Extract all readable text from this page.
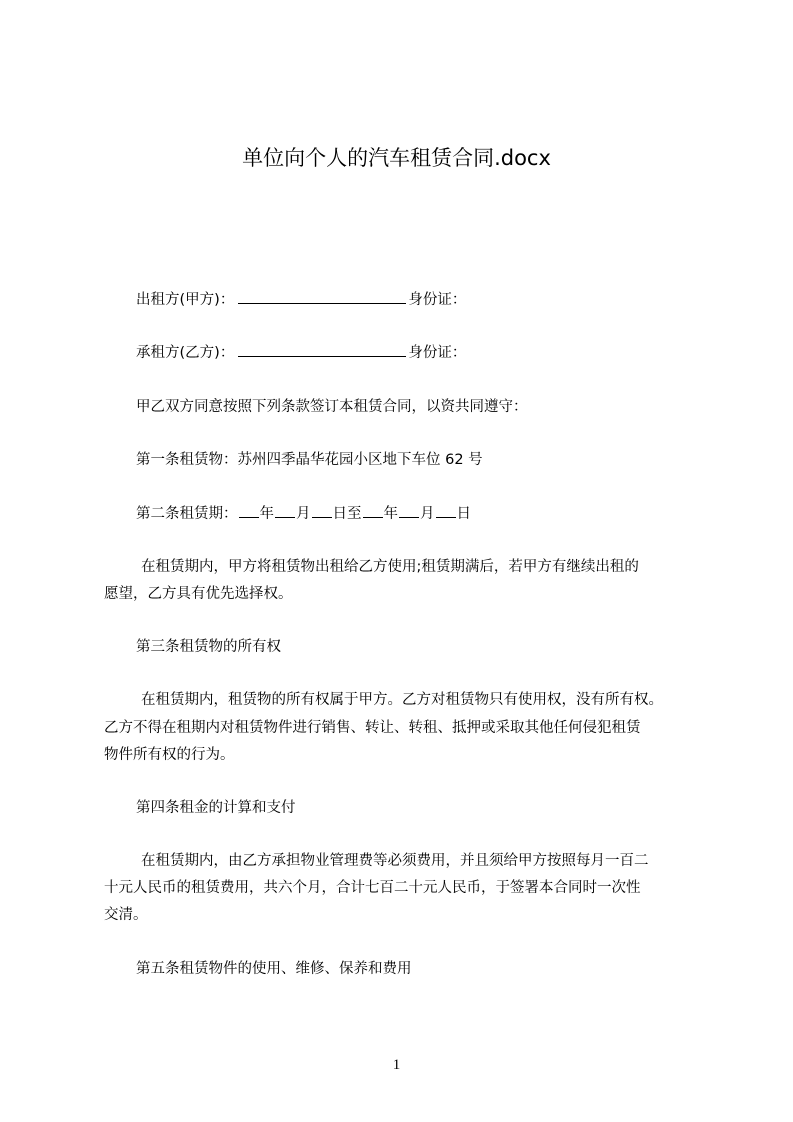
单位向个人的汽车租赁合同.docx
出租方(甲方)：	身份证：
承租方(乙方)：	身份证：
甲乙双方同意按照下列条款签订本租赁合同，以资共同遵守：
第一条租赁物：苏州四季晶华花园小区地下车位 62 号
第二条租赁期： 年 月 日至 年 月 日
在租赁期内，甲方将租赁物出租给乙方使用;租赁期满后，若甲方有继续出租的
愿望，乙方具有优先选择权。
第三条租赁物的所有权
在租赁期内，租赁物的所有权属于甲方。乙方对租赁物只有使用权，没有所有权。
乙方不得在租期内对租赁物件进行销售、转让、转租、抵押或采取其他任何侵犯租赁
物件所有权的行为。
第四条租金的计算和支付
在租赁期内，由乙方承担物业管理费等必须费用，并且须给甲方按照每月一百二
十元人民币的租赁费用，共六个月，合计七百二十元人民币，于签署本合同时一次性
交清。
第五条租赁物件的使用、维修、保养和费用
1
